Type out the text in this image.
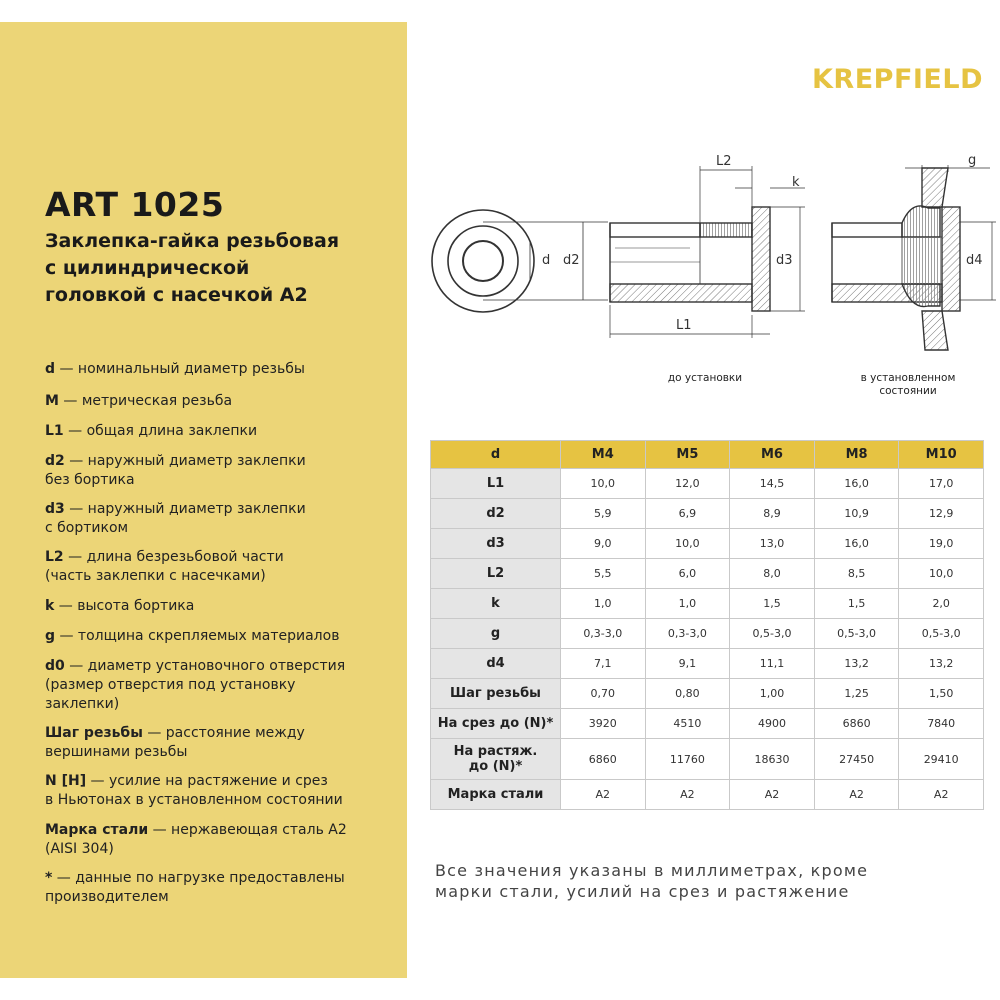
ART 1025
Заклепка-гайка резьбовая
с цилиндрической
головкой с насечкой А2
d — номинальный диаметр резьбы
M — метрическая резьба
L1 — общая длина заклепки
d2 — наружный диаметр заклепки
без бортика
d3 — наружный диаметр заклепки
с бортиком
L2 — длина безрезьбовой части
(часть заклепки с насечками)
k — высота бортика
g — толщина скрепляемых материалов
d0 — диаметр установочного отверстия
(размер отверстия под установку
заклепки)
Шаг резьбы — расстояние между
вершинами резьбы
N [H] — усилие на растяжение и срез
в Ньютонах в установленном состоянии
Марка стали — нержавеющая сталь А2
(AISI 304)
* — данные по нагрузке предоставлены
производителем
KREPFIELD
d d2
L2
k
d3
L1
g
d4
до установки	в установленном
состоянии
d	M4	M5	M6	M8	M10
L1	10,0	12,0	14,5	16,0	17,0
d2	5,9	6,9	8,9	10,9	12,9
d3	9,0	10,0	13,0	16,0	19,0
L2	5,5	6,0	8,0	8,5	10,0
k	1,0	1,0	1,5	1,5	2,0
g	0,3-3,0	0,3-3,0	0,5-3,0	0,5-3,0	0,5-3,0
d4	7,1	9,1	11,1	13,2	13,2
Шаг резьбы	0,70	0,80	1,00	1,25	1,50
На срез до (N)*	3920	4510	4900	6860	7840
На растяж. до (N)*	6860	11760	18630	27450	29410
Марка стали	A2	A2	A2	A2	A2
Все значения указаны в миллиметрах, кроме
марки стали, усилий на срез и растяжение
